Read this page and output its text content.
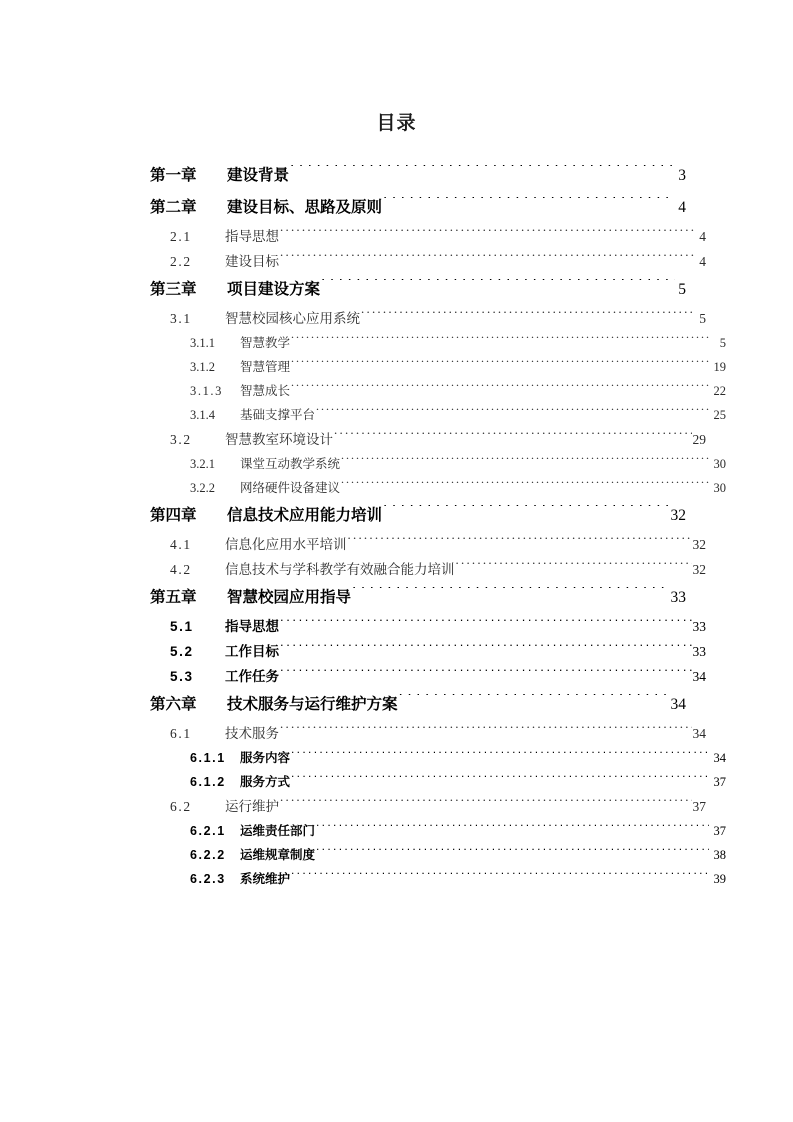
目录
第一章	建设背景 . . .	3
第二章	建设目标、思路及原则 . . .	4
2.1	指导思想 . . .	4
2.2	建设目标 . . .	4
第三章	项目建设方案 . . .	5
3.1	智慧校园核心应用系统 . . .	5
3.1.1	智慧教学 . . .	5
3.1.2	智慧管理 . . .	19
3.1.3	智慧成长 . . .	22
3.1.4	基础支撑平台 . . .	25
3.2	智慧教室环境设计 . . .	29
3.2.1	课堂互动教学系统 . . .	30
3.2.2	网络硬件设备建议 . . .	30
第四章	信息技术应用能力培训 . . .	32
4.1	信息化应用水平培训 . . .	32
4.2	信息技术与学科教学有效融合能力培训 . . .	32
第五章	智慧校园应用指导 . . .	33
5.1	指导思想 . . .	33
5.2	工作目标 . . .	33
5.3	工作任务 . . .	34
第六章	技术服务与运行维护方案 . . .	34
6.1	技术服务 . . .	34
6.1.1	服务内容 . . .	34
6.1.2	服务方式 . . .	37
6.2	运行维护 . . .	37
6.2.1	运维责任部门 . . .	37
6.2.2	运维规章制度 . . .	38
6.2.3	系统维护 . . .	39
